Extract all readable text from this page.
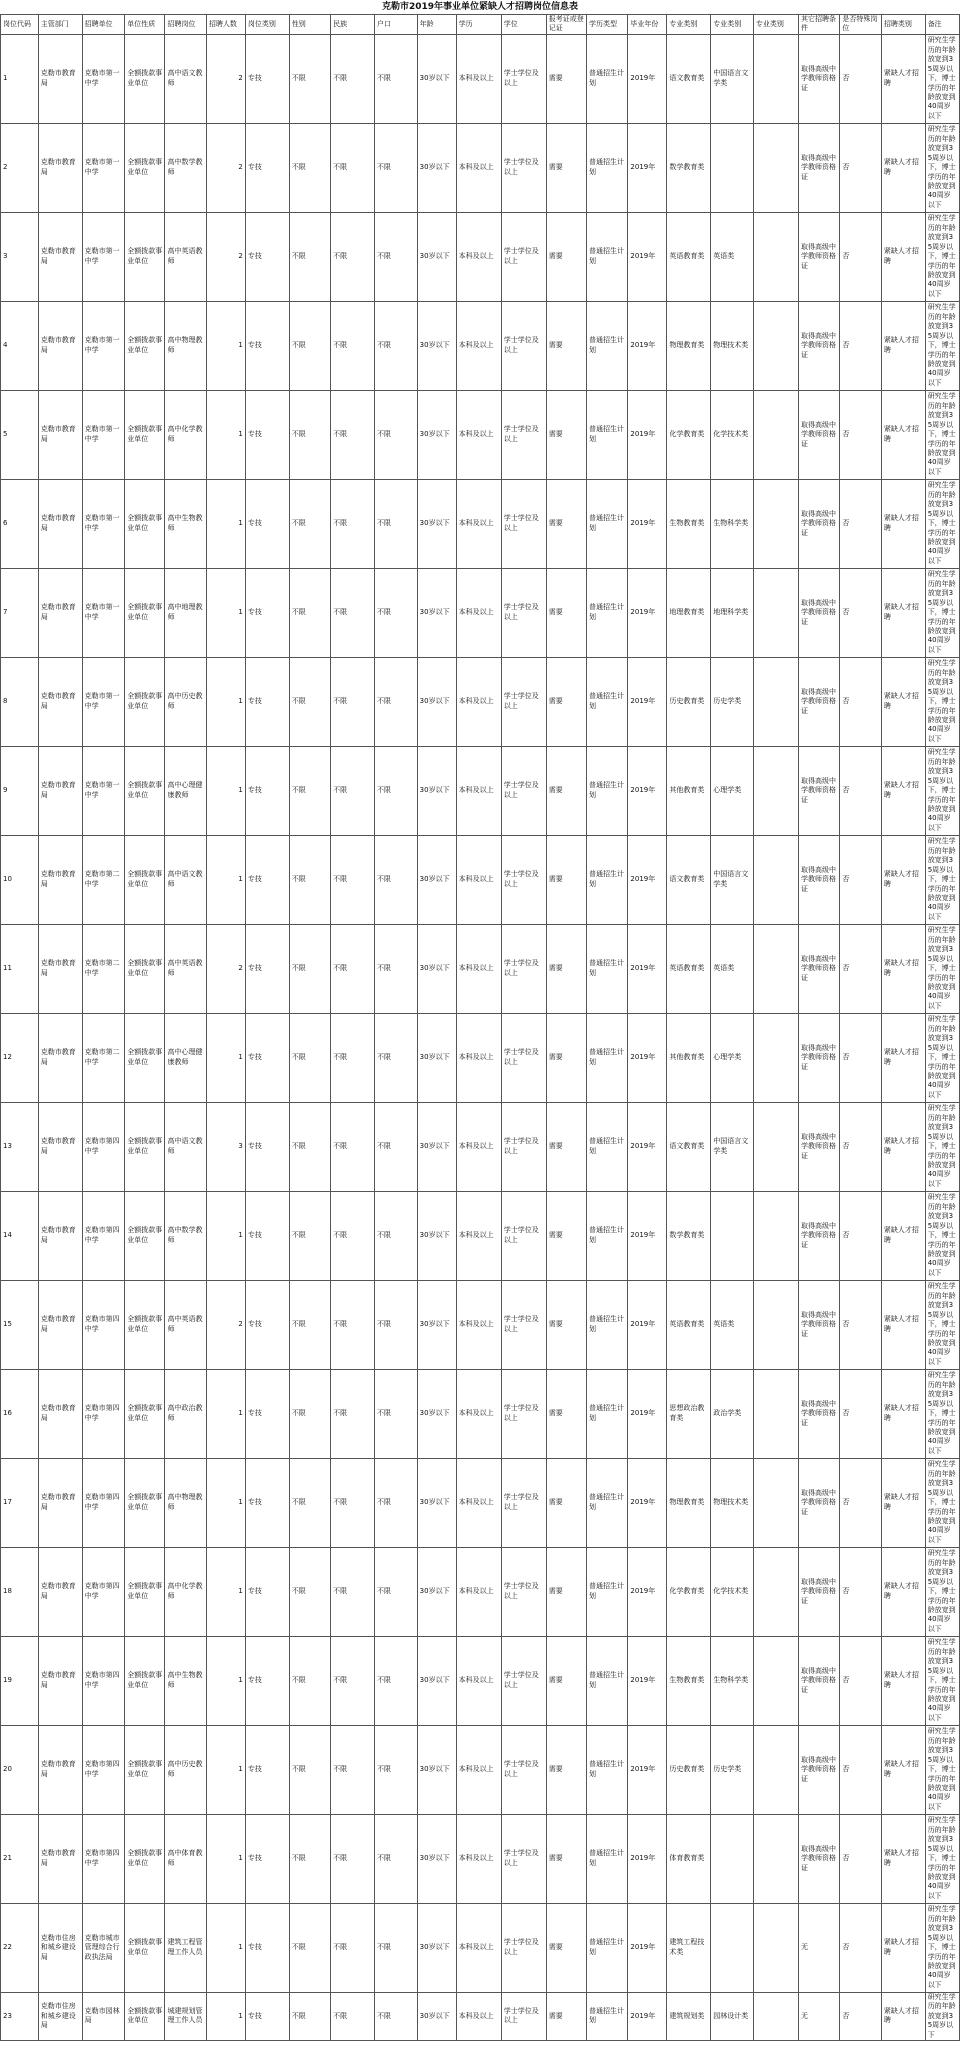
克勒市2019年事业单位紧缺人才招聘岗位信息表
岗位代码	主管部门	招聘单位	单位性质	招聘岗位	招聘人数	岗位类别	性别	民族	户口	年龄	学历	学位	报考证或登记证	学历类型	毕业年份	专业类别	专业类别	专业类别	其它招聘条件	是否特殊岗位	招聘类别	备注
1	克勒市教育局	克勒市第一中学	全额拨款事业单位	高中语文教师	2	专技	不限	不限	不限	30岁以下	本科及以上	学士学位及以上	需要	普通招生计划	2019年	语文教育类	中国语言文学类		取得高级中学教师资格证	否	紧缺人才招聘	研究生学历的年龄放宽到35周岁以下，博士学历的年龄放宽到40周岁以下
2	克勒市教育局	克勒市第一中学	全额拨款事业单位	高中数学教师	2	专技	不限	不限	不限	30岁以下	本科及以上	学士学位及以上	需要	普通招生计划	2019年	数学教育类			取得高级中学教师资格证	否	紧缺人才招聘	研究生学历的年龄放宽到35周岁以下，博士学历的年龄放宽到40周岁以下
3	克勒市教育局	克勒市第一中学	全额拨款事业单位	高中英语教师	2	专技	不限	不限	不限	30岁以下	本科及以上	学士学位及以上	需要	普通招生计划	2019年	英语教育类	英语类		取得高级中学教师资格证	否	紧缺人才招聘	研究生学历的年龄放宽到35周岁以下，博士学历的年龄放宽到40周岁以下
4	克勒市教育局	克勒市第一中学	全额拨款事业单位	高中物理教师	1	专技	不限	不限	不限	30岁以下	本科及以上	学士学位及以上	需要	普通招生计划	2019年	物理教育类	物理技术类		取得高级中学教师资格证	否	紧缺人才招聘	研究生学历的年龄放宽到35周岁以下，博士学历的年龄放宽到40周岁以下
5	克勒市教育局	克勒市第一中学	全额拨款事业单位	高中化学教师	1	专技	不限	不限	不限	30岁以下	本科及以上	学士学位及以上	需要	普通招生计划	2019年	化学教育类	化学技术类		取得高级中学教师资格证	否	紧缺人才招聘	研究生学历的年龄放宽到35周岁以下，博士学历的年龄放宽到40周岁以下
6	克勒市教育局	克勒市第一中学	全额拨款事业单位	高中生物教师	1	专技	不限	不限	不限	30岁以下	本科及以上	学士学位及以上	需要	普通招生计划	2019年	生物教育类	生物科学类		取得高级中学教师资格证	否	紧缺人才招聘	研究生学历的年龄放宽到35周岁以下，博士学历的年龄放宽到40周岁以下
7	克勒市教育局	克勒市第一中学	全额拨款事业单位	高中地理教师	1	专技	不限	不限	不限	30岁以下	本科及以上	学士学位及以上	需要	普通招生计划	2019年	地理教育类	地理科学类		取得高级中学教师资格证	否	紧缺人才招聘	研究生学历的年龄放宽到35周岁以下，博士学历的年龄放宽到40周岁以下
8	克勒市教育局	克勒市第一中学	全额拨款事业单位	高中历史教师	1	专技	不限	不限	不限	30岁以下	本科及以上	学士学位及以上	需要	普通招生计划	2019年	历史教育类	历史学类		取得高级中学教师资格证	否	紧缺人才招聘	研究生学历的年龄放宽到35周岁以下，博士学历的年龄放宽到40周岁以下
9	克勒市教育局	克勒市第一中学	全额拨款事业单位	高中心理健康教师	1	专技	不限	不限	不限	30岁以下	本科及以上	学士学位及以上	需要	普通招生计划	2019年	其他教育类	心理学类		取得高级中学教师资格证	否	紧缺人才招聘	研究生学历的年龄放宽到35周岁以下，博士学历的年龄放宽到40周岁以下
10	克勒市教育局	克勒市第二中学	全额拨款事业单位	高中语文教师	1	专技	不限	不限	不限	30岁以下	本科及以上	学士学位及以上	需要	普通招生计划	2019年	语文教育类	中国语言文学类		取得高级中学教师资格证	否	紧缺人才招聘	研究生学历的年龄放宽到35周岁以下，博士学历的年龄放宽到40周岁以下
11	克勒市教育局	克勒市第二中学	全额拨款事业单位	高中英语教师	2	专技	不限	不限	不限	30岁以下	本科及以上	学士学位及以上	需要	普通招生计划	2019年	英语教育类	英语类		取得高级中学教师资格证	否	紧缺人才招聘	研究生学历的年龄放宽到35周岁以下，博士学历的年龄放宽到40周岁以下
12	克勒市教育局	克勒市第二中学	全额拨款事业单位	高中心理健康教师	1	专技	不限	不限	不限	30岁以下	本科及以上	学士学位及以上	需要	普通招生计划	2019年	其他教育类	心理学类		取得高级中学教师资格证	否	紧缺人才招聘	研究生学历的年龄放宽到35周岁以下，博士学历的年龄放宽到40周岁以下
13	克勒市教育局	克勒市第四中学	全额拨款事业单位	高中语文教师	3	专技	不限	不限	不限	30岁以下	本科及以上	学士学位及以上	需要	普通招生计划	2019年	语文教育类	中国语言文学类		取得高级中学教师资格证	否	紧缺人才招聘	研究生学历的年龄放宽到35周岁以下，博士学历的年龄放宽到40周岁以下
14	克勒市教育局	克勒市第四中学	全额拨款事业单位	高中数学教师	1	专技	不限	不限	不限	30岁以下	本科及以上	学士学位及以上	需要	普通招生计划	2019年	数学教育类			取得高级中学教师资格证	否	紧缺人才招聘	研究生学历的年龄放宽到35周岁以下，博士学历的年龄放宽到40周岁以下
15	克勒市教育局	克勒市第四中学	全额拨款事业单位	高中英语教师	2	专技	不限	不限	不限	30岁以下	本科及以上	学士学位及以上	需要	普通招生计划	2019年	英语教育类	英语类		取得高级中学教师资格证	否	紧缺人才招聘	研究生学历的年龄放宽到35周岁以下，博士学历的年龄放宽到40周岁以下
16	克勒市教育局	克勒市第四中学	全额拨款事业单位	高中政治教师	1	专技	不限	不限	不限	30岁以下	本科及以上	学士学位及以上	需要	普通招生计划	2019年	思想政治教育类	政治学类		取得高级中学教师资格证	否	紧缺人才招聘	研究生学历的年龄放宽到35周岁以下，博士学历的年龄放宽到40周岁以下
17	克勒市教育局	克勒市第四中学	全额拨款事业单位	高中物理教师	1	专技	不限	不限	不限	30岁以下	本科及以上	学士学位及以上	需要	普通招生计划	2019年	物理教育类	物理技术类		取得高级中学教师资格证	否	紧缺人才招聘	研究生学历的年龄放宽到35周岁以下，博士学历的年龄放宽到40周岁以下
18	克勒市教育局	克勒市第四中学	全额拨款事业单位	高中化学教师	1	专技	不限	不限	不限	30岁以下	本科及以上	学士学位及以上	需要	普通招生计划	2019年	化学教育类	化学技术类		取得高级中学教师资格证	否	紧缺人才招聘	研究生学历的年龄放宽到35周岁以下，博士学历的年龄放宽到40周岁以下
19	克勒市教育局	克勒市第四中学	全额拨款事业单位	高中生物教师	1	专技	不限	不限	不限	30岁以下	本科及以上	学士学位及以上	需要	普通招生计划	2019年	生物教育类	生物科学类		取得高级中学教师资格证	否	紧缺人才招聘	研究生学历的年龄放宽到35周岁以下，博士学历的年龄放宽到40周岁以下
20	克勒市教育局	克勒市第四中学	全额拨款事业单位	高中历史教师	1	专技	不限	不限	不限	30岁以下	本科及以上	学士学位及以上	需要	普通招生计划	2019年	历史教育类	历史学类		取得高级中学教师资格证	否	紧缺人才招聘	研究生学历的年龄放宽到35周岁以下，博士学历的年龄放宽到40周岁以下
21	克勒市教育局	克勒市第四中学	全额拨款事业单位	高中体育教师	1	专技	不限	不限	不限	30岁以下	本科及以上	学士学位及以上	需要	普通招生计划	2019年	体育教育类			取得高级中学教师资格证	否	紧缺人才招聘	研究生学历的年龄放宽到35周岁以下，博士学历的年龄放宽到40周岁以下
22	克勒市住房和城乡建设局	克勒市城市管理综合行政执法局	全额拨款事业单位	建筑工程管理工作人员	1	专技	不限	不限	不限	30岁以下	本科及以上	学士学位及以上	需要	普通招生计划	2019年	建筑工程技术类			无	否	紧缺人才招聘	研究生学历的年龄放宽到35周岁以下，博士学历的年龄放宽到40周岁以下
23	克勒市住房和城乡建设局	克勒市园林局	全额拨款事业单位	城建规划管理工作人员	1	专技	不限	不限	不限	30岁以下	本科及以上	学士学位及以上	需要	普通招生计划	2019年	建筑规划类	园林设计类		无	否	紧缺人才招聘	研究生学历的年龄放宽到35周岁以下
